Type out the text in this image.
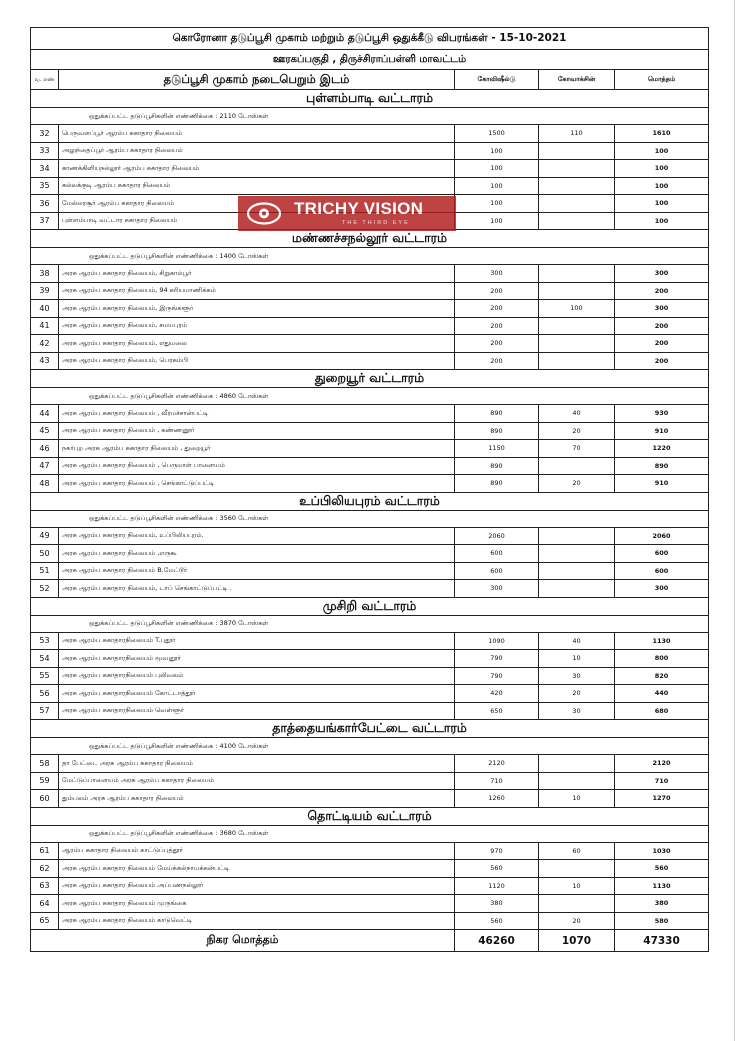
கொரோனா தடுப்பூசி முகாம் மற்றும் தடுப்பூசி ஒதுக்கீடு விபரங்கள் - 15-10-2021				
ஊரகப்பகுதி , திருச்சிராப்பள்ளி மாவட்டம்				
வ. எண்	தடுப்பூசி முகாம் நடைபெறும் இடம்	கோவிஷீல்டு	கோவாக்சின்	மொத்தம்
புள்ளம்பாடி வட்டாரம்				
ஒதுக்கப்பட்ட தடுப்பூசிகளின் எண்ணிக்கை : 2110 டோஸ்கள்				
32	பெருவளப்பூர் ஆரம்ப சுகாதார நிலையம்	1500	110	1610
33	அலுந்தைப்பூர் ஆரம்ப சுகாதார நிலையம்	100		100
34	காணக்கிளியநல்லூர் ஆரம்ப சுகாதார நிலையம்	100		100
35	கல்லக்குடி ஆரம்ப சுகாதார நிலையம்	100		100
36	மேல்லரசூர் ஆரம்ப சுகாதார நிலையம்	100		100
37	புள்ளம்பாடி வட்டார சுகாதார நிலையம்	100		100
மண்ணச்சநல்லூர் வட்டாரம்				
ஒதுக்கப்பட்ட தடுப்பூசிகளின் எண்ணிக்கை : 1400 டோஸ்கள்				
38	அரசு ஆரம்ப சுகாதார நிலையம், சிறுகாம்பூர்	300		300
39	அரசு ஆரம்ப சுகாதார நிலையம், 94 கரியமாணிக்கம்	200		200
40	அரசு ஆரம்ப சுகாதார நிலையம், இருங்களூர்	200	100	300
41	அரசு ஆரம்ப சுகாதார நிலையம், சமயபுரம்	200		200
42	அரசு ஆரம்ப சுகாதார நிலையம், எதுமலை	200		200
43	அரசு ஆரம்ப சுகாதார நிலையம், பெரகம்பி	200		200
துறையூர் வட்டாரம்				
ஒதுக்கப்பட்ட தடுப்பூசிகளின் எண்ணிக்கை : 4860 டோஸ்கள்				
44	அரசு ஆரம்ப சுகாதார நிலையம் , வீரமச்சான்பட்டி	890	40	930
45	அரசு ஆரம்ப சுகாதார நிலையம் , கண்ணனூர்	890	20	910
46	நகர்புற அரசு ஆரம்ப சுகாதார நிலையம் , துறையூர்	1150	70	1220
47	அரசு ஆரம்ப சுகாதார நிலையம் , பெருமாள் பாளையம்	890		890
48	அரசு ஆரம்ப சுகாதார நிலையம் , செங்காட்டுப்பட்டி	890	20	910
உப்பிலியபுரம் வட்டாரம்				
ஒதுக்கப்பட்ட தடுப்பூசிகளின் எண்ணிக்கை : 3560 டோஸ்கள்				
49	அரசு ஆரம்ப சுகாதார நிலையம், உப்பிலியபுரம்.	2060		2060
50	அரசு ஆரம்ப சுகாதார நிலையம் ,எருகூ	600		600
51	அரசு ஆரம்ப சுகாதார நிலையம் B.மேட்டூர்	600		600
52	அரசு ஆரம்ப சுகாதார நிலையம், டாப் செங்காட்டுப்பட்டி .	300		300
முசிறி வட்டாரம்				
ஒதுக்கப்பட்ட தடுப்பூசிகளின் எண்ணிக்கை : 3870 டோஸ்கள்				
53	அரசு ஆரம்ப சுகாதாரநிலையம் T.புதூர்	1090	40	1130
54	அரசு ஆரம்ப சுகாதாரநிலையம் மூவனூர்	790	10	800
55	அரசு ஆரம்ப சுகாதாரநிலையம் புலிவலம்	790	30	820
56	அரசு ஆரம்ப சுகாதாரநிலையம் கோட்டாத்தூர்	420	20	440
57	அரசு ஆரம்ப சுகாதாரநிலையம் வெள்ளூர்	650	30	680
தாத்தையங்கார்பேட்டை வட்டாரம்				
ஒதுக்கப்பட்ட தடுப்பூசிகளின் எண்ணிக்கை : 4100 டோஸ்கள்				
58	தா பேட்டை அரசு ஆரம்ப சுகாதார நிலையம்	2120		2120
59	மேட்டுப்பாளையம் அரசு ஆரம்ப சுகாதார நிலையம்	710		710
60	தும்பலம் அரசு ஆரம்ப சுகாதார நிலையம்	1260	10	1270
தொட்டியம் வட்டாரம்				
ஒதுக்கப்பட்ட தடுப்பூசிகளின் எண்ணிக்கை : 3680 டோஸ்கள்				
61	ஆரம்ப சுகாதார நிலையம் காட்டுப்புத்தூர்	970	60	1030
62	அரசு ஆரம்ப சுகாதார நிலையம் மேய்க்கல்நாயக்கன்பட்டி	560		560
63	அரசு ஆரம்ப சுகாதார நிலையம் அப்பணநல்லூர்	1120	10	1130
64	அரசு ஆரம்ப சுகாதார நிலையம் முருங்கை	380		380
65	அரசு ஆரம்ப சுகாதார நிலையம் காடுவெட்டி	560	20	580
நிகர மொத்தம்		46260	1070	47330
TRICHY VISION
THE THIRD EYE
